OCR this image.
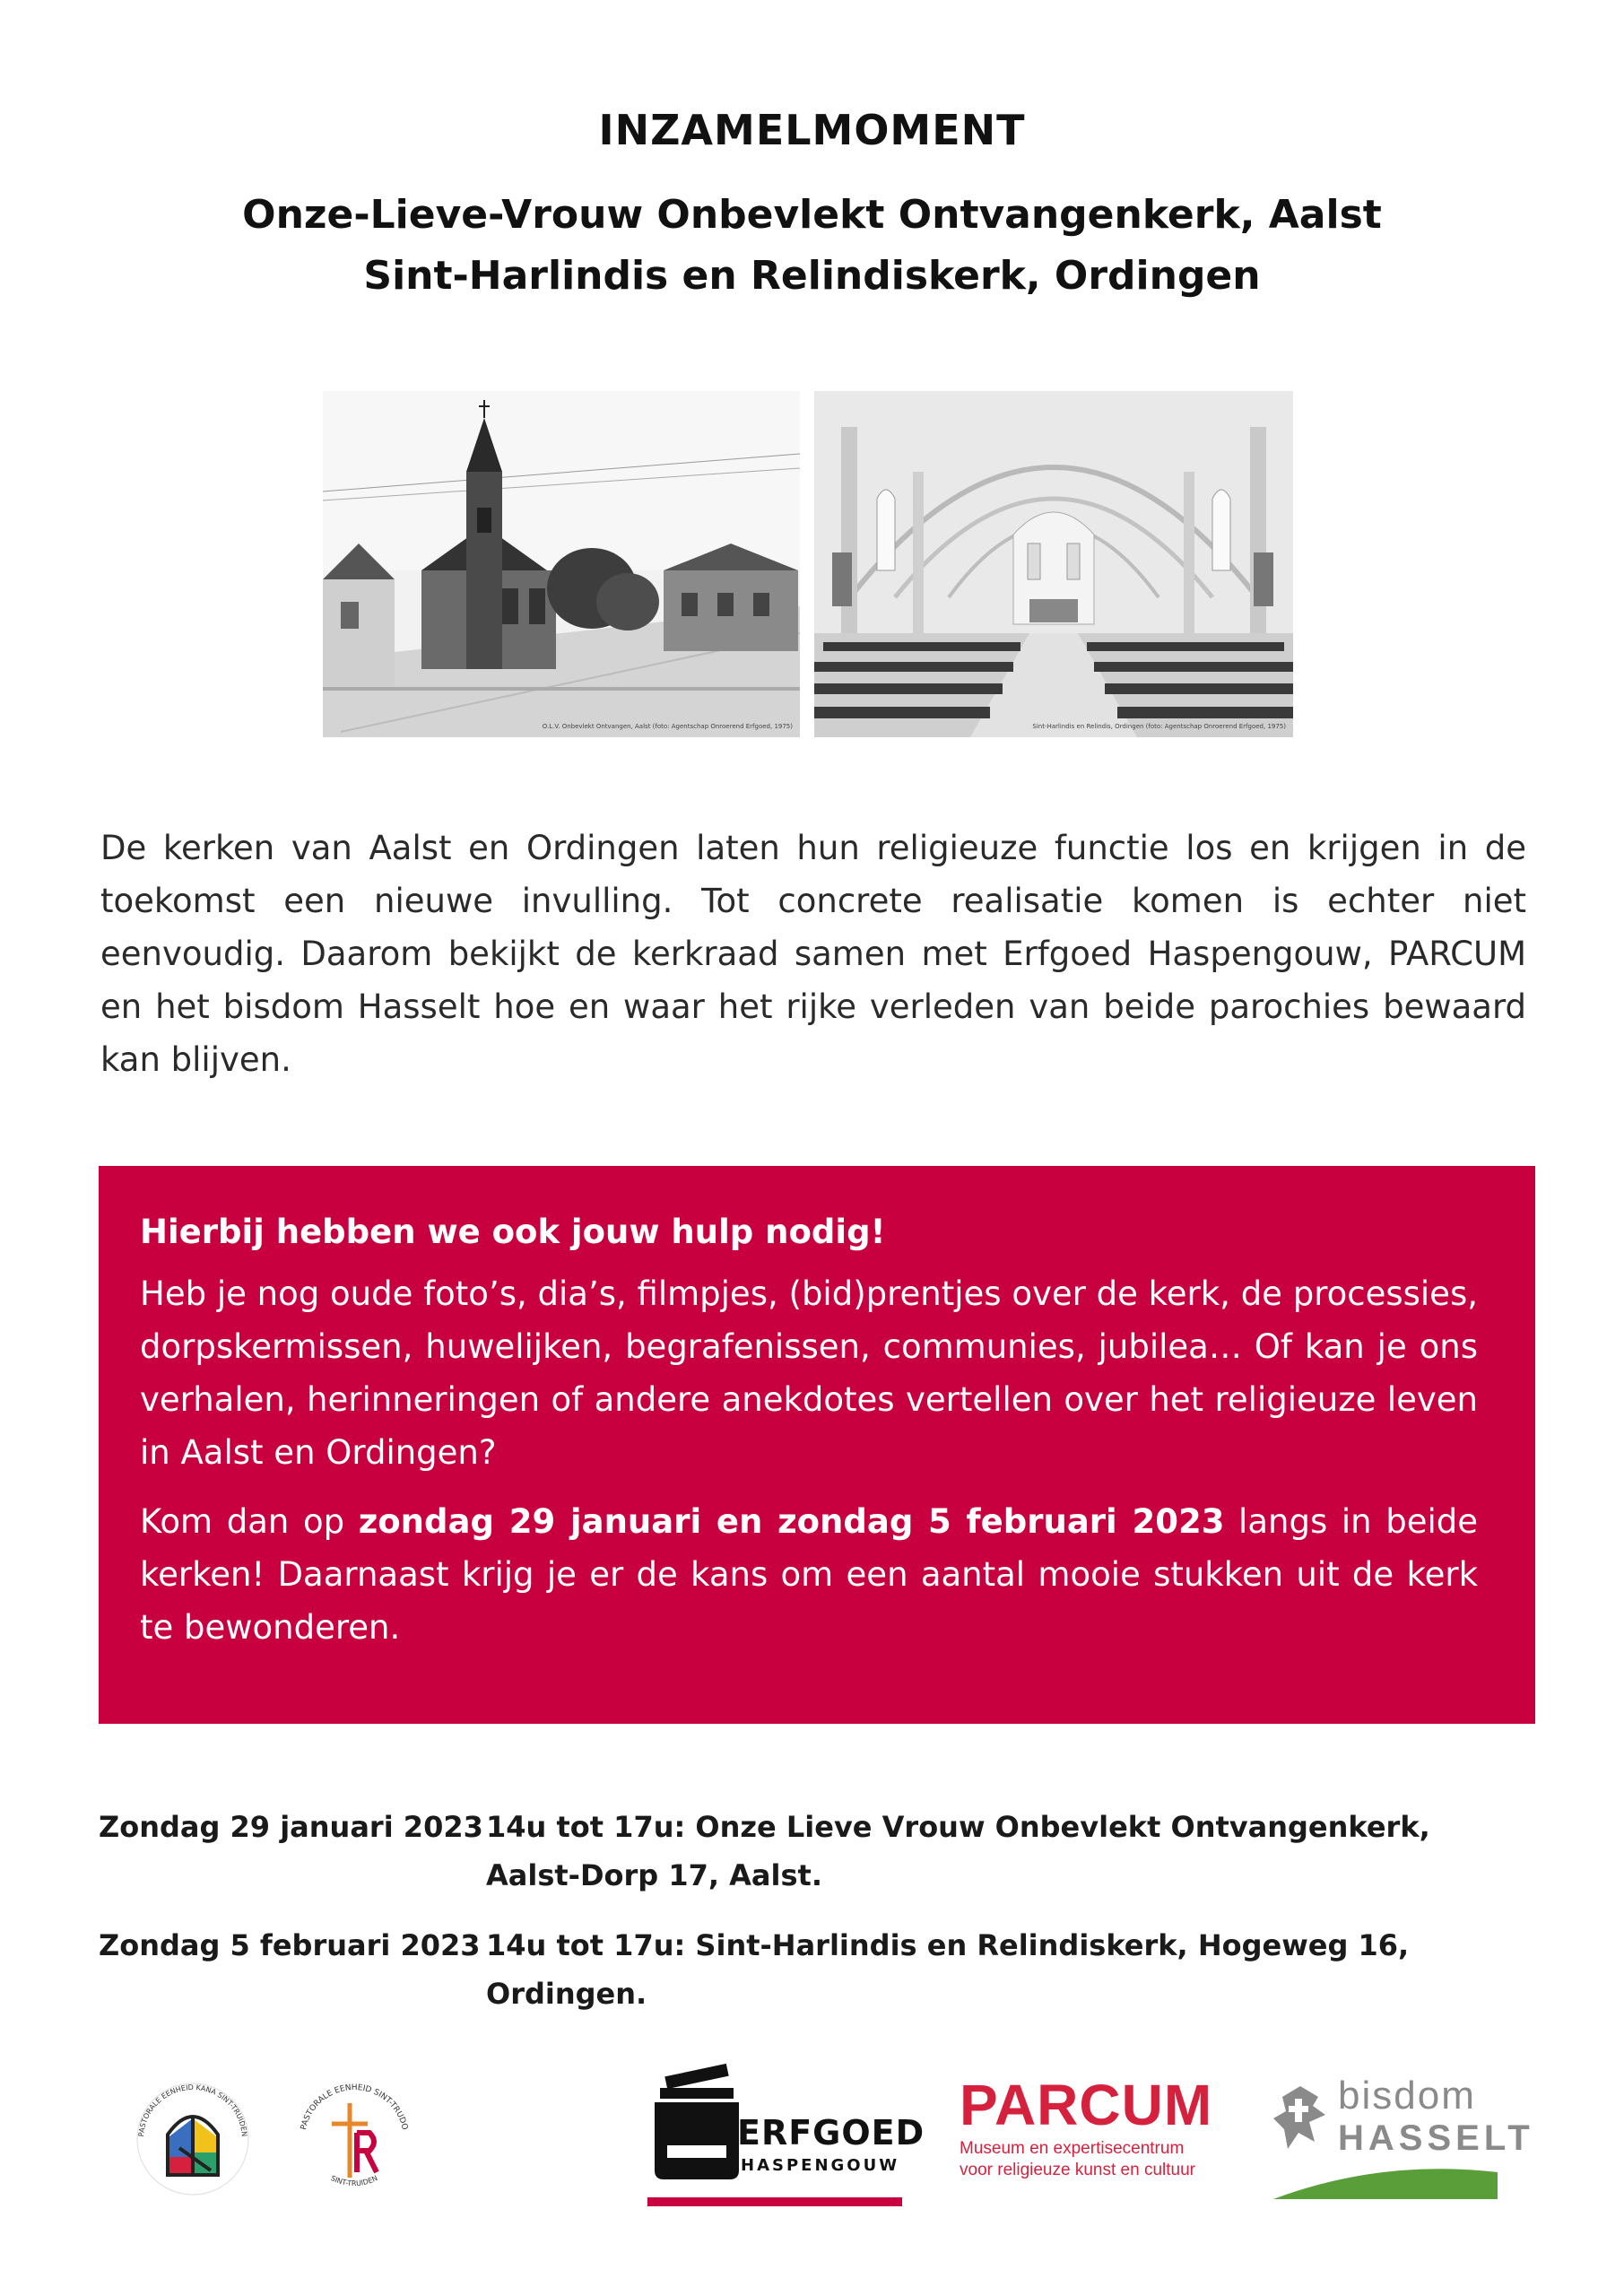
INZAMELMOMENT
Onze-Lieve-Vrouw Onbevlekt Ontvangenkerk, Aalst
Sint-Harlindis en Relindiskerk, Ordingen
O.L.V. Onbevlekt Ontvangen, Aalst (foto: Agentschap Onroerend Erfgoed, 1975)	Sint-Harlindis en Relindis, Ordingen (foto: Agentschap Onroerend Erfgoed, 1975)

De kerken van Aalst en Ordingen laten hun religieuze functie los en krijgen in de toekomst een nieuwe invulling. Tot concrete realisatie komen is echter niet eenvoudig. Daarom bekijkt de kerkraad samen met Erfgoed Haspengouw, PARCUM en het bisdom Hasselt hoe en waar het rijke verleden van beide parochies bewaard kan blijven.

Hierbij hebben we ook jouw hulp nodig!

Heb je nog oude foto’s, dia’s, filmpjes, (bid)prentjes over de kerk, de processies, dorpskermissen, huwelijken, begrafenissen, communies, jubilea… Of kan je ons verhalen, herinneringen of andere anekdotes vertellen over het religieuze leven in Aalst en Ordingen?

Kom dan op zondag 29 januari en zondag 5 februari 2023 langs in beide kerken! Daarnaast krijg je er de kans om een aantal mooie stukken uit de kerk te bewonderen.

Zondag 29 januari 2023 14u tot 17u: Onze Lieve Vrouw Onbevlekt Ontvangenkerk, Aalst-Dorp 17, Aalst.
Zondag 5 februari 2023 14u tot 17u: Sint-Harlindis en Relindiskerk, Hogeweg 16, Ordingen.
PASTORALE EENHEID KANA SINT-TRUIDEN
PASTORALE EENHEID SINT-TRUDO
SINT-TRUIDEN
ERFGOED
HASPENGOUW
PARCUM
Museum en expertisecentrum
voor religieuze kunst en cultuur
bisdom
HASSELT
